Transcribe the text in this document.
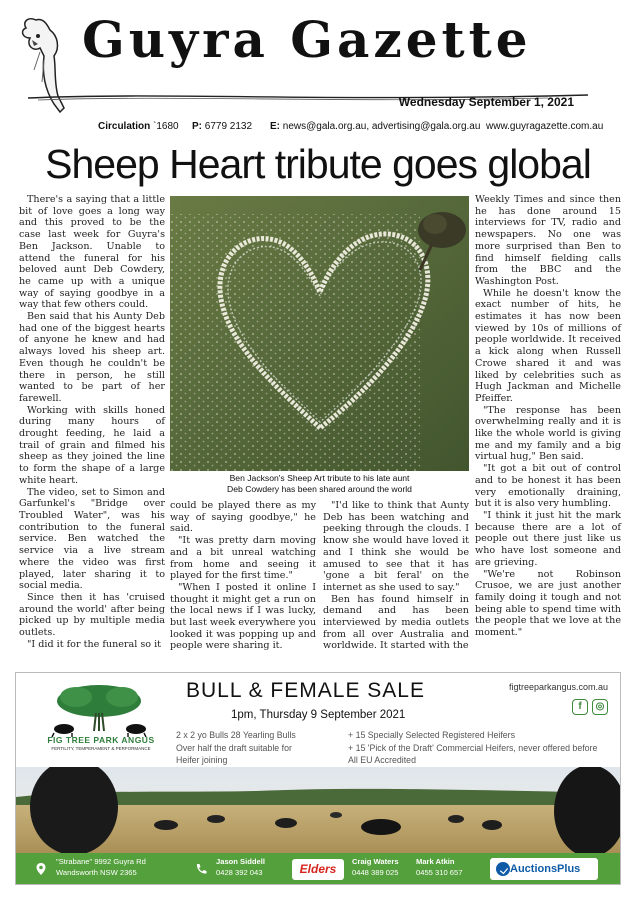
Guyra Gazette
Wednesday September 1, 2021
Circulation `1680 P: 6779 2132 E: news@gala.org.au, advertising@gala.org.au www.guyragazette.com.au
Sheep Heart tribute goes global

There's a saying that a little bit of love goes a long way and this proved to be the case last week for Guyra's Ben Jackson. Unable to attend the funeral for his beloved aunt Deb Cowdery, he came up with a unique way of saying goodbye in a way that few others could.

Ben said that his Aunty Deb had one of the biggest hearts of anyone he knew and had always loved his sheep art. Even though he couldn't be there in person, he still wanted to be part of her farewell.

Working with skills honed during many hours of drought feeding, he laid a trail of grain and filmed his sheep as they joined the line to form the shape of a large white heart.

The video, set to Simon and Garfunkel's "Bridge over Troubled Water", was his contribution to the funeral service. Ben watched the service via a live stream where the video was first played, later sharing it to social media.

Since then it has 'cruised around the world' after being picked up by multiple media outlets.

"I did it for the funeral so it

Ben Jackson's Sheep Art tribute to his late aunt
Deb Cowdery has been shared around the world

could be played there as my way of saying goodbye," he said.

"It was pretty darn moving and a bit unreal watching from home and seeing it played for the first time."

"When I posted it online I thought it might get a run on the local news if I was lucky, but last week everywhere you looked it was popping up and people were sharing it.

"I'd like to think that Aunty Deb has been watching and peeking through the clouds. I know she would have loved it and I think she would be amused to see that it has 'gone a bit feral' on the internet as she used to say."

Ben has found himself in demand and has been interviewed by media outlets from all over Australia and worldwide. It started with the

Weekly Times and since then he has done around 15 interviews for TV, radio and newspapers. No one was more surprised than Ben to find himself fielding calls from the BBC and the Washington Post.

While he doesn't know the exact number of hits, he estimates it has now been viewed by 10s of millions of people worldwide. It received a kick along when Russell Crowe shared it and was liked by celebrities such as Hugh Jackman and Michelle Pfeiffer.

"The response has been overwhelming really and it is like the whole world is giving me and my family and a big virtual hug," Ben said.

"It got a bit out of control and to be honest it has been very emotionally draining, but it is also very humbling.

"I think it just hit the mark because there are a lot of people out there just like us who have lost someone and are grieving.

"We're not Robinson Crusoe, we are just another family doing it tough and not being able to spend time with the people that we love at the moment."

FIG TREE PARK ANGUS
FERTILITY, TEMPERAMENT & PERFORMANCE
BULL & FEMALE SALE	figtreeparkangus.com.au
f	◎
1pm, Thursday 9 September 2021
2 x 2 yo Bulls 28 Yearling Bulls
Over half the draft suitable for
Heifer joining
+ 15 Specially Selected Registered Heifers
+ 15 'Pick of the Draft' Commercial Heifers, never offered before
All EU Accredited
"Strabane" 9992 Guyra Rd
Wandsworth NSW 2365
Jason Siddell
0428 392 043	Elders
Craig Waters
0448 389 025
Mark Atkin
0455 310 657	AuctionsPlus
